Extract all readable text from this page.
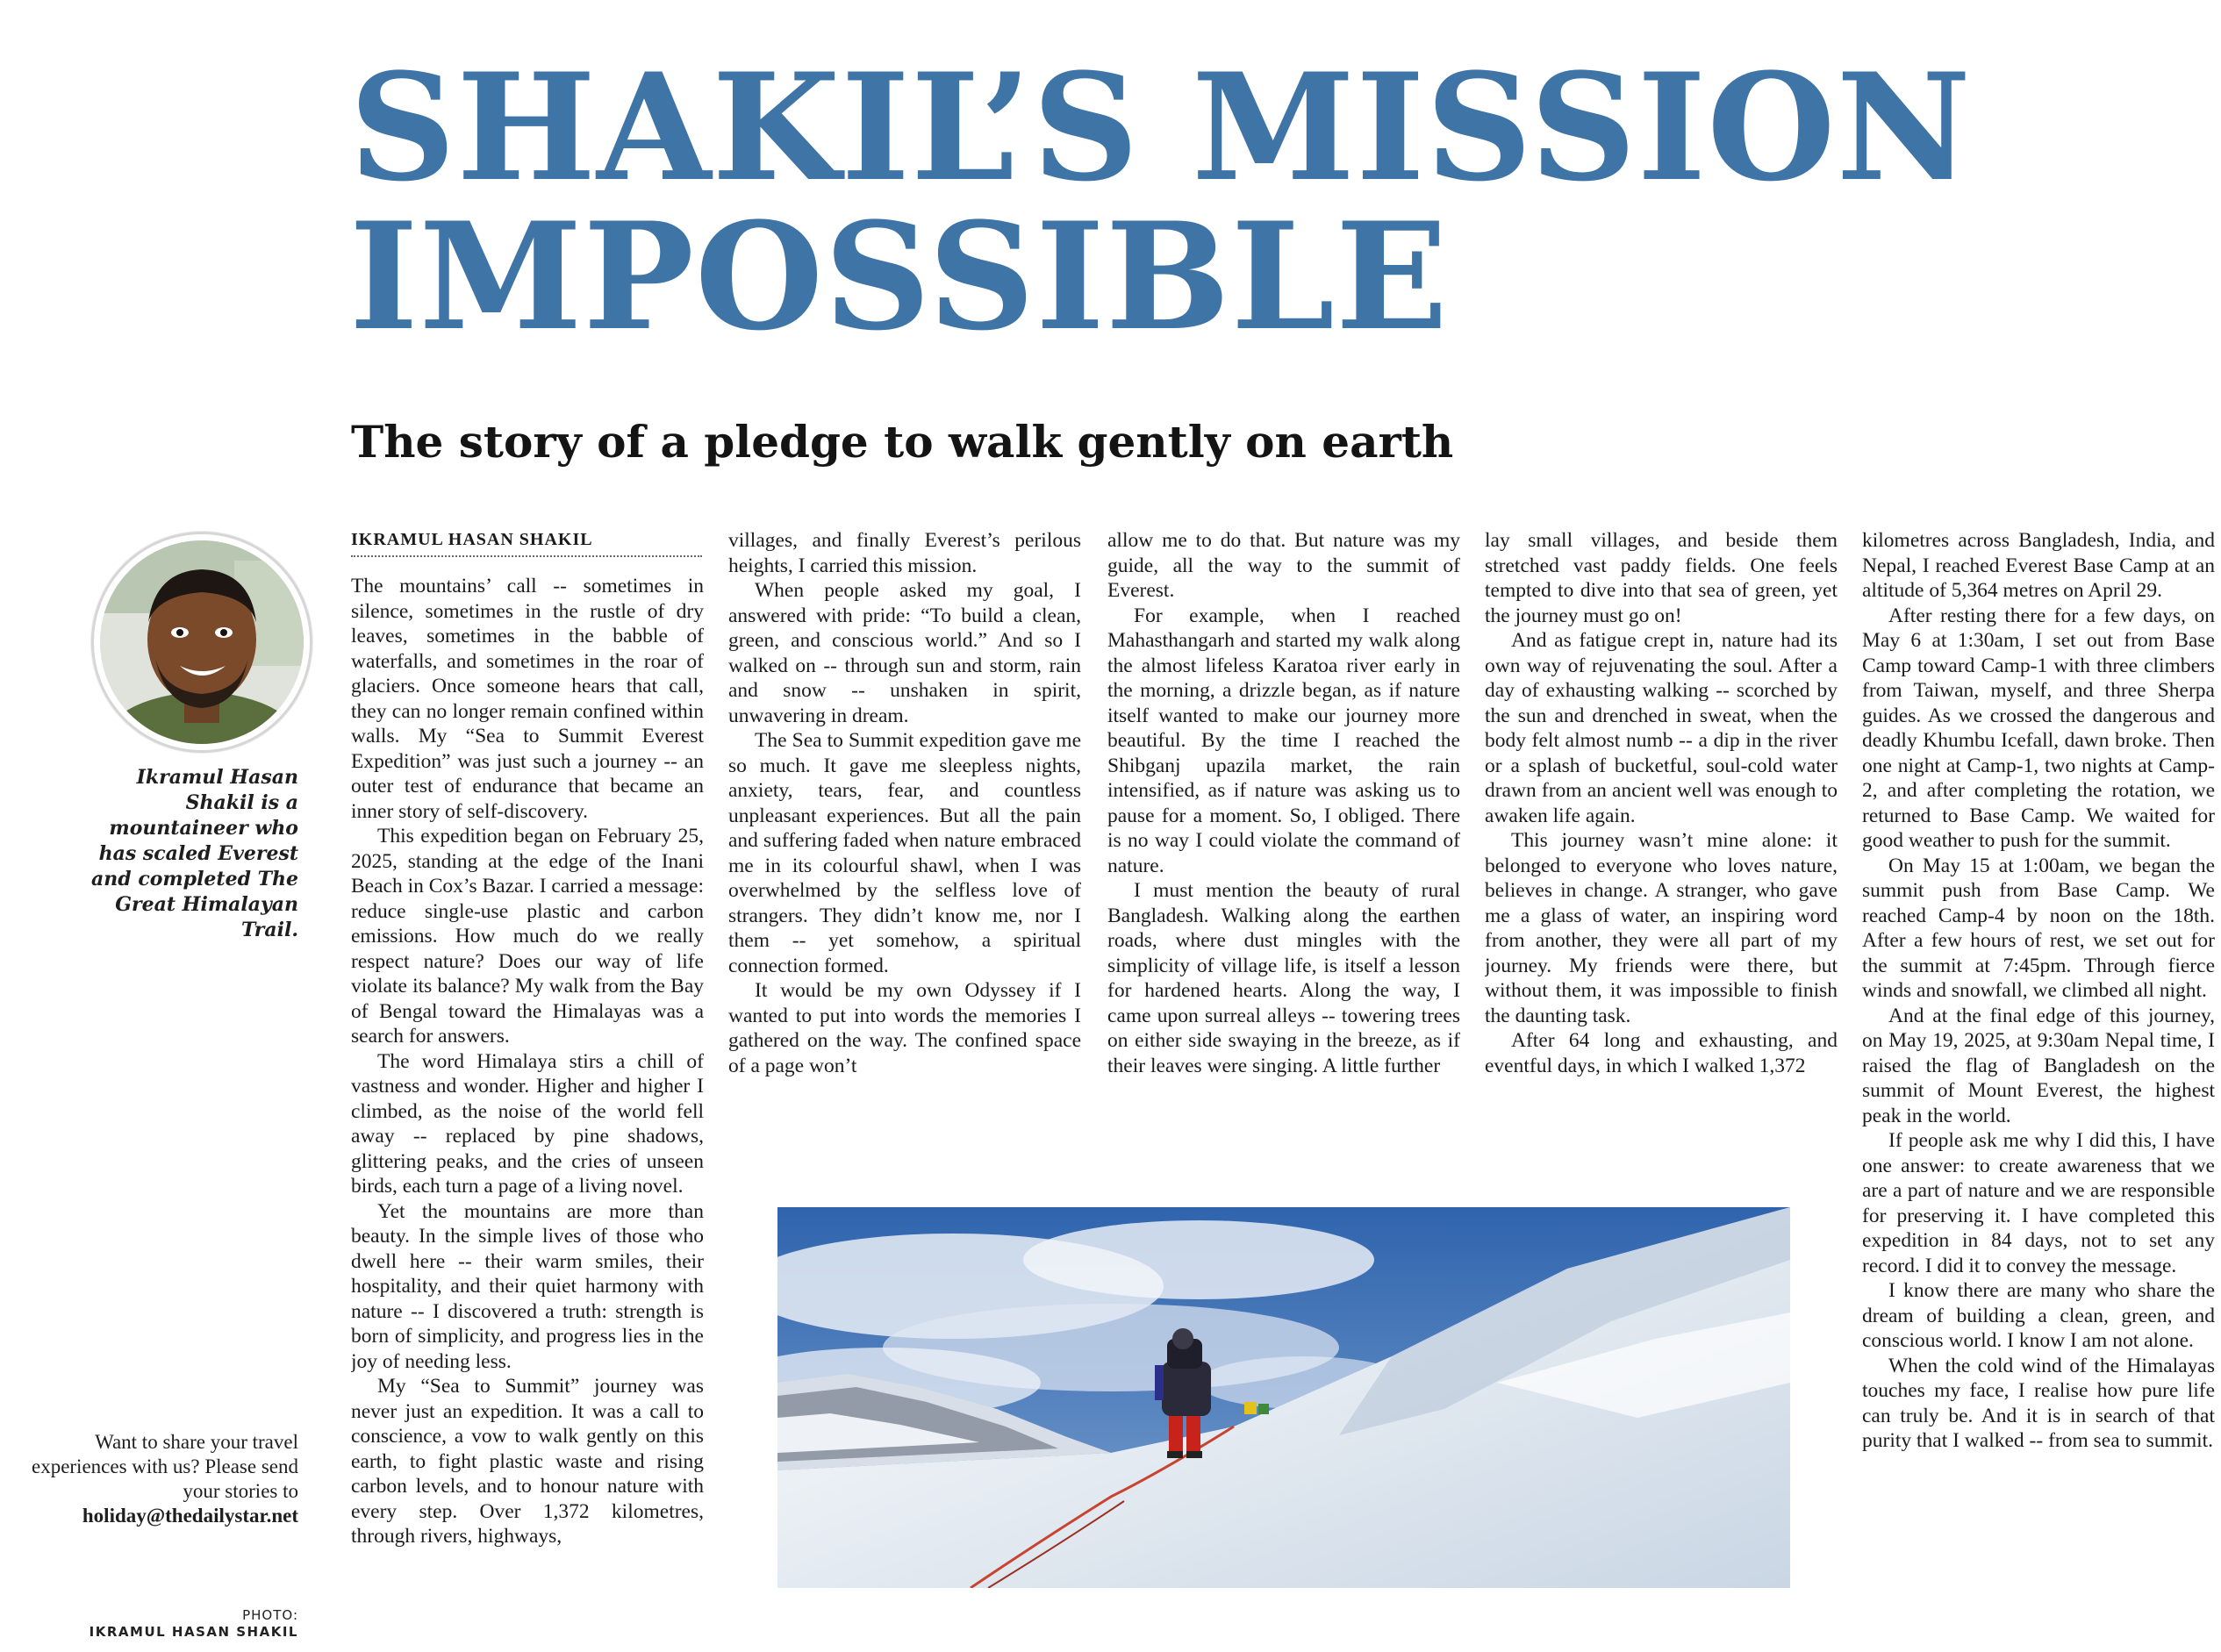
SHAKIL’S MISSION
IMPOSSIBLE
The story of a pledge to walk gently on earth
Ikramul Hasan Shakil is a mountaineer who has scaled Everest and completed The Great Himalayan Trail.
Want to share your travel experiences with us? Please send your stories to
holiday@thedailystar.net
PHOTO:
IKRAMUL HASAN SHAKIL
IKRAMUL HASAN SHAKIL

The mountains’ call -- sometimes in silence, sometimes in the rustle of dry leaves, sometimes in the babble of waterfalls, and sometimes in the roar of glaciers. Once someone hears that call, they can no longer remain confined within walls. My “Sea to Summit Everest Expedition” was just such a journey -- an outer test of endurance that became an inner story of self-discovery.

This expedition began on February 25, 2025, standing at the edge of the Inani Beach in Cox’s Bazar. I carried a message: reduce single-use plastic and carbon emissions. How much do we really respect nature? Does our way of life violate its balance? My walk from the Bay of Bengal toward the Himalayas was a search for answers.

The word Himalaya stirs a chill of vastness and wonder. Higher and higher I climbed, as the noise of the world fell away -- replaced by pine shadows, glittering peaks, and the cries of unseen birds, each turn a page of a living novel.

Yet the mountains are more than beauty. In the simple lives of those who dwell here -- their warm smiles, their hospitality, and their quiet harmony with nature -- I discovered a truth: strength is born of simplicity, and progress lies in the joy of needing less.

My “Sea to Summit” journey was never just an expedition. It was a call to conscience, a vow to walk gently on this earth, to fight plastic waste and rising carbon levels, and to honour nature with every step. Over 1,372 kilometres, through rivers, highways,

villages, and finally Everest’s perilous heights, I carried this mission.

When people asked my goal, I answered with pride: “To build a clean, green, and conscious world.” And so I walked on -- through sun and storm, rain and snow -- unshaken in spirit, unwavering in dream.

The Sea to Summit expedition gave me so much. It gave me sleepless nights, anxiety, tears, fear, and countless unpleasant experiences. But all the pain and suffering faded when nature embraced me in its colourful shawl, when I was overwhelmed by the selfless love of strangers. They didn’t know me, nor I them -- yet somehow, a spiritual connection formed.

It would be my own Odyssey if I wanted to put into words the memories I gathered on the way. The confined space of a page won’t

allow me to do that. But nature was my guide, all the way to the summit of Everest.

For example, when I reached Mahasthangarh and started my walk along the almost lifeless Karatoa river early in the morning, a drizzle began, as if nature itself wanted to make our journey more beautiful. By the time I reached the Shibganj upazila market, the rain intensified, as if nature was asking us to pause for a moment. So, I obliged. There is no way I could violate the command of nature.

I must mention the beauty of rural Bangladesh. Walking along the earthen roads, where dust mingles with the simplicity of village life, is itself a lesson for hardened hearts. Along the way, I came upon surreal alleys -- towering trees on either side swaying in the breeze, as if their leaves were singing. A little further

lay small villages, and beside them stretched vast paddy fields. One feels tempted to dive into that sea of green, yet the journey must go on!

And as fatigue crept in, nature had its own way of rejuvenating the soul. After a day of exhausting walking -- scorched by the sun and drenched in sweat, when the body felt almost numb -- a dip in the river or a splash of bucketful, soul-cold water drawn from an ancient well was enough to awaken life again.

This journey wasn’t mine alone: it belonged to everyone who loves nature, believes in change. A stranger, who gave me a glass of water, an inspiring word from another, they were all part of my journey. My friends were there, but without them, it was impossible to finish the daunting task.

After 64 long and exhausting, and eventful days, in which I walked 1,372

kilometres across Bangladesh, India, and Nepal, I reached Everest Base Camp at an altitude of 5,364 metres on April 29.

After resting there for a few days, on May 6 at 1:30am, I set out from Base Camp toward Camp-1 with three climbers from Taiwan, myself, and three Sherpa guides. As we crossed the dangerous and deadly Khumbu Icefall, dawn broke. Then one night at Camp-1, two nights at Camp-2, and after completing the rotation, we returned to Base Camp. We waited for good weather to push for the summit.

On May 15 at 1:00am, we began the summit push from Base Camp. We reached Camp-4 by noon on the 18th. After a few hours of rest, we set out for the summit at 7:45pm. Through fierce winds and snowfall, we climbed all night.

And at the final edge of this journey, on May 19, 2025, at 9:30am Nepal time, I raised the flag of Bangladesh on the summit of Mount Everest, the highest peak in the world.

If people ask me why I did this, I have one answer: to create awareness that we are a part of nature and we are responsible for preserving it. I have completed this expedition in 84 days, not to set any record. I did it to convey the message.

I know there are many who share the dream of building a clean, green, and conscious world. I know I am not alone.

When the cold wind of the Himalayas touches my face, I realise how pure life can truly be. And it is in search of that purity that I walked -- from sea to summit.
